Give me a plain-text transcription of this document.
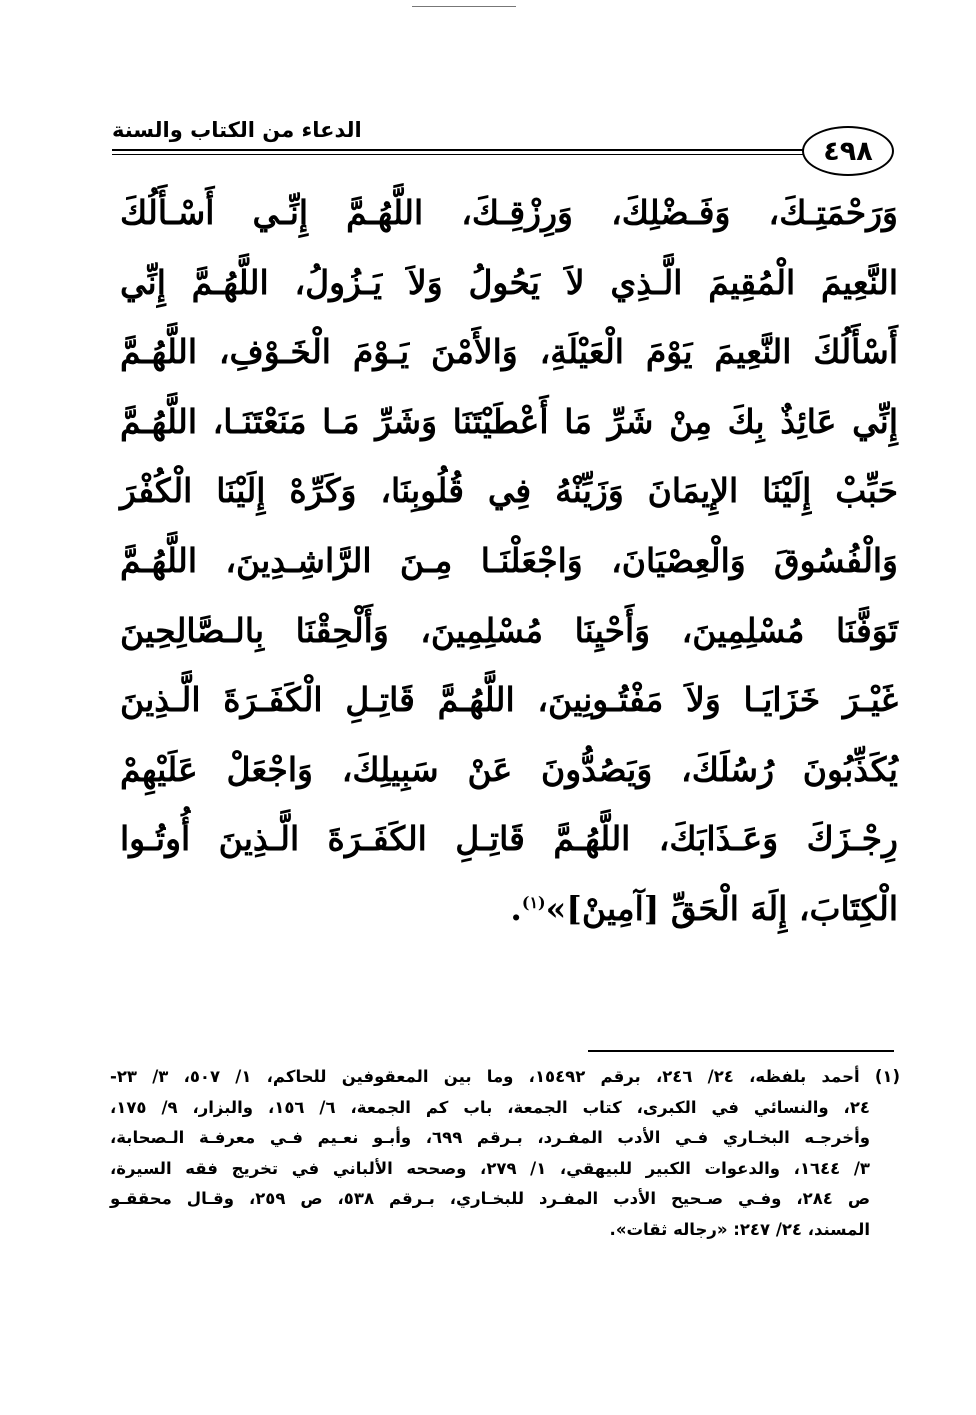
الدعاء من الكتاب والسنة
٤٩٨
وَرَحْمَتِـكَ، وَفَـضْلِكَ، وَرِزْقِـكَ، اللَّهُـمَّ إِنِّـي أَسْـأَلُكَ
النَّعِيمَ الْمُقِيمَ الَّـذِي لاَ يَحُولُ وَلاَ يَـزُولُ، اللَّهُـمَّ إِنِّي
أَسْأَلُكَ النَّعِيمَ يَوْمَ الْعَيْلَةِ، وَالأَمْنَ يَـوْمَ الْخَـوْفِ، اللَّهُـمَّ
إِنِّي عَائِذٌ بِكَ مِنْ شَرِّ مَا أَعْطَيْتَنَا وَشَرِّ مَـا مَنَعْتَنَـا، اللَّهُـمَّ
حَبِّبْ إِلَيْنَا الإِيمَانَ وَزَيِّنْهُ فِي قُلُوبِنَا، وَكَرِّهْ إِلَيْنَا الْكُفْرَ
وَالْفُسُوقَ وَالْعِصْيَانَ، وَاجْعَلْنَـا مِـنَ الرَّاشِـدِينَ، اللَّهُـمَّ
تَوَفَّنَا مُسْلِمِينَ، وَأَحْيِنَا مُسْلِمِينَ، وَأَلْحِقْنَا بِالـصَّالِحِينَ
غَيْـرَ خَزَايَـا وَلاَ مَفْتُـونِينَ، اللَّهُـمَّ قَاتِـلِ الْكَفَـرَةَ الَّـذِينَ
يُكَذِّبُونَ رُسُلَكَ، وَيَصُدُّونَ عَنْ سَبِيلِكَ، وَاجْعَلْ عَلَيْهِمْ
رِجْـزَكَ وَعَـذَابَكَ، اللَّهُـمَّ قَاتِـلِ الكَفَـرَةَ الَّـذِينَ أُوتُـوا
الْكِتَابَ، إِلَهَ الْحَقِّ [آمِينْ]»$^{(١)}$.
(١) أحمد بلفظه، ٢٤/ ٢٤٦، برقم ١٥٤٩٢، وما بين المعقوفين للحاكم، ١/ ٥٠٧، ٣/ ٢٣-
٢٤، والنسائي في الكبرى، كتاب الجمعة، باب كم الجمعة، ٦/ ١٥٦، والبزار، ٩/ ١٧٥،
وأخرجـه البخـاري فـي الأدب المفـرد، بـرقم ٦٩٩، وأبـو نعـيم فـي معرفـة الـصحابة،
٣/ ١٦٤٤، والدعوات الكبير للبيهقي، ١/ ٢٧٩، وصححه الألباني في تخريج فقه السيرة،
ص ٢٨٤، وفـي صـحيح الأدب المفـرد للبخـاري، بـرقم ٥٣٨، ص ٢٥٩، وقـال محققـو
المسند، ٢٤/ ٢٤٧: «رجاله ثقات».
